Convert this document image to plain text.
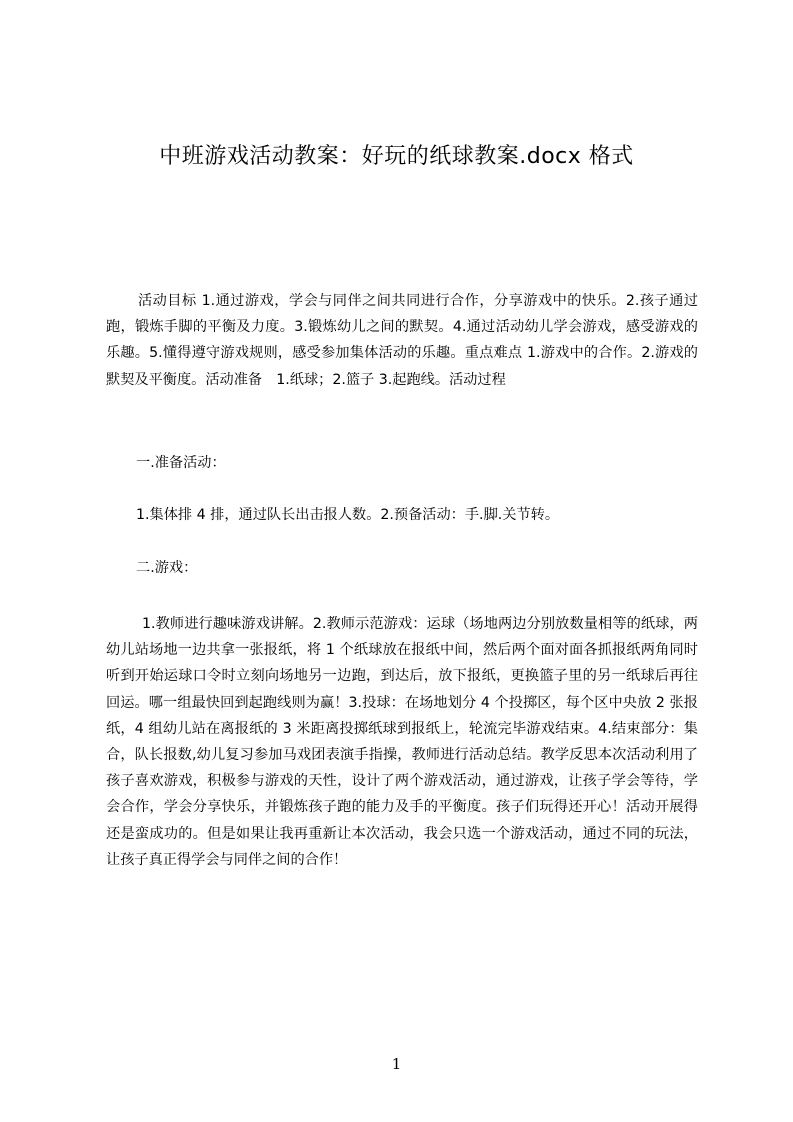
中班游戏活动教案：好玩的纸球教案.docx 格式
活动目标 1.通过游戏，学会与同伴之间共同进行合作，分享游戏中的快乐。2.孩子通过跑，锻炼手脚的平衡及力度。3.锻炼幼儿之间的默契。4.通过活动幼儿学会游戏，感受游戏的乐趣。5.懂得遵守游戏规则，感受参加集体活动的乐趣。重点难点 1.游戏中的合作。2.游戏的默契及平衡度。活动准备　1.纸球；2.篮子 3.起跑线。活动过程
一.准备活动：
1.集体排 4 排，通过队长出击报人数。2.预备活动：手.脚.关节转。
二.游戏：
1.教师进行趣味游戏讲解。2.教师示范游戏：运球（场地两边分别放数量相等的纸球，两幼儿站场地一边共拿一张报纸，将 1 个纸球放在报纸中间，然后两个面对面各抓报纸两角同时听到开始运球口令时立刻向场地另一边跑，到达后，放下报纸，更换篮子里的另一纸球后再往回运。哪一组最快回到起跑线则为赢！3.投球：在场地划分 4 个投掷区，每个区中央放 2 张报纸，4 组幼儿站在离报纸的 3 米距离投掷纸球到报纸上，轮流完毕游戏结束。4.结束部分：集合，队长报数,幼儿复习参加马戏团表演手指操，教师进行活动总结。教学反思本次活动利用了孩子喜欢游戏，积极参与游戏的天性，设计了两个游戏活动，通过游戏，让孩子学会等待，学会合作，学会分享快乐，并锻炼孩子跑的能力及手的平衡度。孩子们玩得还开心！活动开展得还是蛮成功的。但是如果让我再重新让本次活动，我会只选一个游戏活动，通过不同的玩法，让孩子真正得学会与同伴之间的合作！
1
